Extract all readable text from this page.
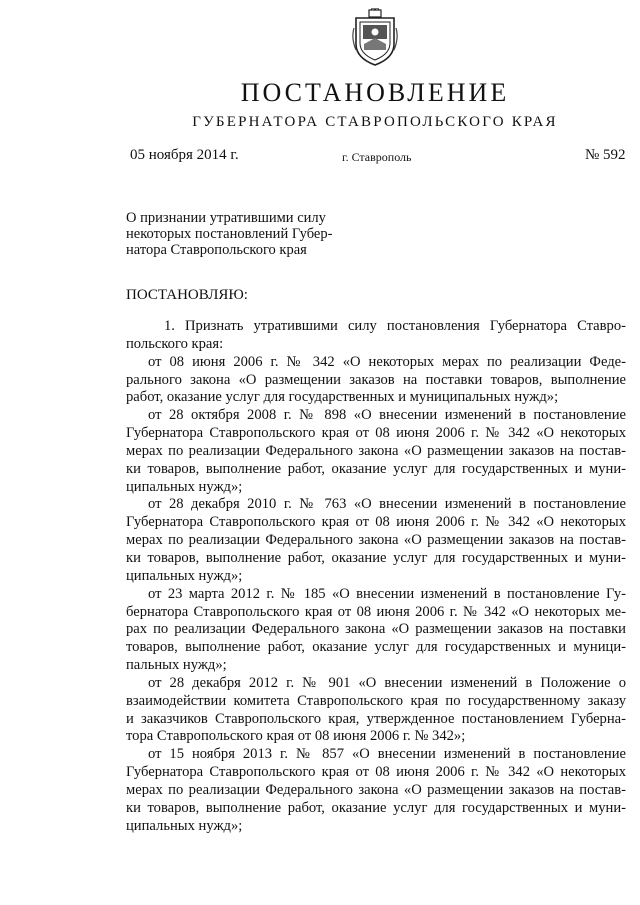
ПОСТАНОВЛЕНИЕ
ГУБЕРНАТОРА СТАВРОПОЛЬСКОГО КРАЯ
05 ноября 2014 г.	г. Ставрополь	№ 592
О признании утратившими силу
некоторых постановлений Губер-
натора Ставропольского края
ПОСТАНОВЛЯЮ:
1. Признать утратившими силу постановления Губернатора Ставро-
польского края:
от 08 июня 2006 г. № 342 «О некоторых мерах по реализации Феде-
рального закона «О размещении заказов на поставки товаров, выполнение
работ, оказание услуг для государственных и муниципальных нужд»;
от 28 октября 2008 г. № 898 «О внесении изменений в постановление
Губернатора Ставропольского края от 08 июня 2006 г. № 342 «О некоторых
мерах по реализации Федерального закона «О размещении заказов на постав-
ки товаров, выполнение работ, оказание услуг для государственных и муни-
ципальных нужд»;
от 28 декабря 2010 г. № 763 «О внесении изменений в постановление
Губернатора Ставропольского края от 08 июня 2006 г. № 342 «О некоторых
мерах по реализации Федерального закона «О размещении заказов на постав-
ки товаров, выполнение работ, оказание услуг для государственных и муни-
ципальных нужд»;
от 23 марта 2012 г. № 185 «О внесении изменений в постановление Гу-
бернатора Ставропольского края от 08 июня 2006 г. № 342 «О некоторых ме-
рах по реализации Федерального закона «О размещении заказов на поставки
товаров, выполнение работ, оказание услуг для государственных и муници-
пальных нужд»;
от 28 декабря 2012 г. № 901 «О внесении изменений в Положение о
взаимодействии комитета Ставропольского края по государственному заказу
и заказчиков Ставропольского края, утвержденное постановлением Губерна-
тора Ставропольского края от 08 июня 2006 г. № 342»;
от 15 ноября 2013 г. № 857 «О внесении изменений в постановление
Губернатора Ставропольского края от 08 июня 2006 г. № 342 «О некоторых
мерах по реализации Федерального закона «О размещении заказов на постав-
ки товаров, выполнение работ, оказание услуг для государственных и муни-
ципальных нужд»;
